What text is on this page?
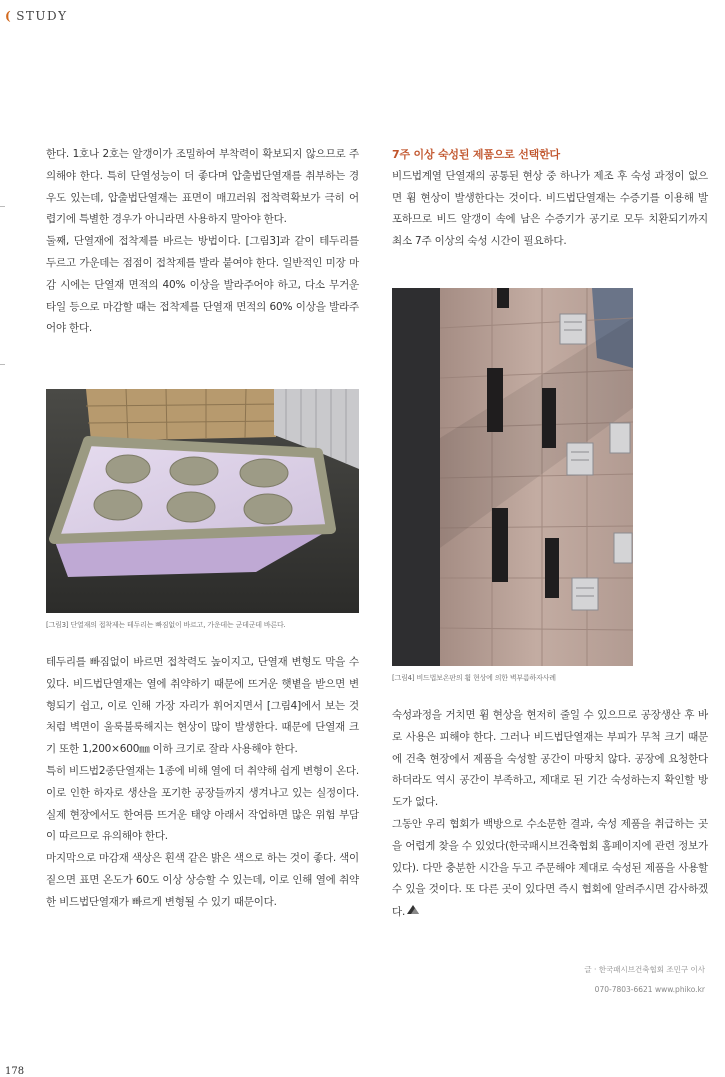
( STUDY

한다. 1호나 2호는 알갱이가 조밀하여 부착력이 확보되지 않으므로 주의해야 한다. 특히 단열성능이 더 좋다며 압출법단열재를 취부하는 경우도 있는데, 압출법단열재는 표면이 매끄러워 접착력확보가 극히 어렵기에 특별한 경우가 아니라면 사용하지 말아야 한다.

둘째, 단열재에 접착제를 바르는 방법이다. [그림3]과 같이 테두리를 두르고 가운데는 점점이 접착제를 발라 붙여야 한다. 일반적인 미장 마감 시에는 단열재 면적의 40% 이상을 발라주어야 하고, 다소 무거운 타일 등으로 마감할 때는 접착제를 단열재 면적의 60% 이상을 발라주어야 한다.

[그림3] 단열재의 접착제는 테두리는 빠짐없이 바르고, 가운데는 군데군데 바른다.

테두리를 빠짐없이 바르면 접착력도 높이지고, 단열재 변형도 막을 수 있다. 비드법단열재는 열에 취약하기 때문에 뜨거운 햇볕을 받으면 변형되기 쉽고, 이로 인해 가장 자리가 휘어지면서 [그림4]에서 보는 것처럼 벽면이 울룩불룩해지는 현상이 많이 발생한다. 때문에 단열재 크기 또한 1,200×600㎜ 이하 크기로 잘라 사용해야 한다.

특히 비드법2종단열재는 1종에 비해 열에 더 취약해 쉽게 변형이 온다. 이로 인한 하자로 생산을 포기한 공장들까지 생겨나고 있는 실정이다. 실제 현장에서도 한여름 뜨거운 태양 아래서 작업하면 많은 위험 부담이 따르므로 유의해야 한다.

마지막으로 마감재 색상은 흰색 같은 밝은 색으로 하는 것이 좋다. 색이 짙으면 표면 온도가 60도 이상 상승할 수 있는데, 이로 인해 열에 취약한 비드법단열재가 빠르게 변형될 수 있기 때문이다.

7주 이상 숙성된 제품으로 선택한다

비드법계열 단열재의 공통된 현상 중 하나가 제조 후 숙성 과정이 없으면 휨 현상이 발생한다는 것이다. 비드법단열재는 수증기를 이용해 발포하므로 비드 알갱이 속에 남은 수증기가 공기로 모두 치환되기까지 최소 7주 이상의 숙성 시간이 필요하다.

[그림4] 비드법보온판의 휨 현상에 의한 벽부름하자사례

숙성과정을 거치면 휨 현상을 현저히 줄일 수 있으므로 공장생산 후 바로 사용은 피해야 한다. 그러나 비드법단열재는 부피가 무척 크기 때문에 건축 현장에서 제품을 숙성할 공간이 마땅치 않다. 공장에 요청한다 하더라도 역시 공간이 부족하고, 제대로 된 기간 숙성하는지 확인할 방도가 없다.

그동안 우리 협회가 백방으로 수소문한 결과, 숙성 제품을 취급하는 곳을 어렵게 찾을 수 있었다(한국패시브건축협회 홈페이지에 관련 정보가 있다). 다만 충분한 시간을 두고 주문해야 제대로 숙성된 제품을 사용할 수 있을 것이다. 또 다른 곳이 있다면 즉시 협회에 알려주시면 감사하겠다.

글 · 한국패시브건축협회 조민구 이사
070-7803-6621 www.phiko.kr
178
